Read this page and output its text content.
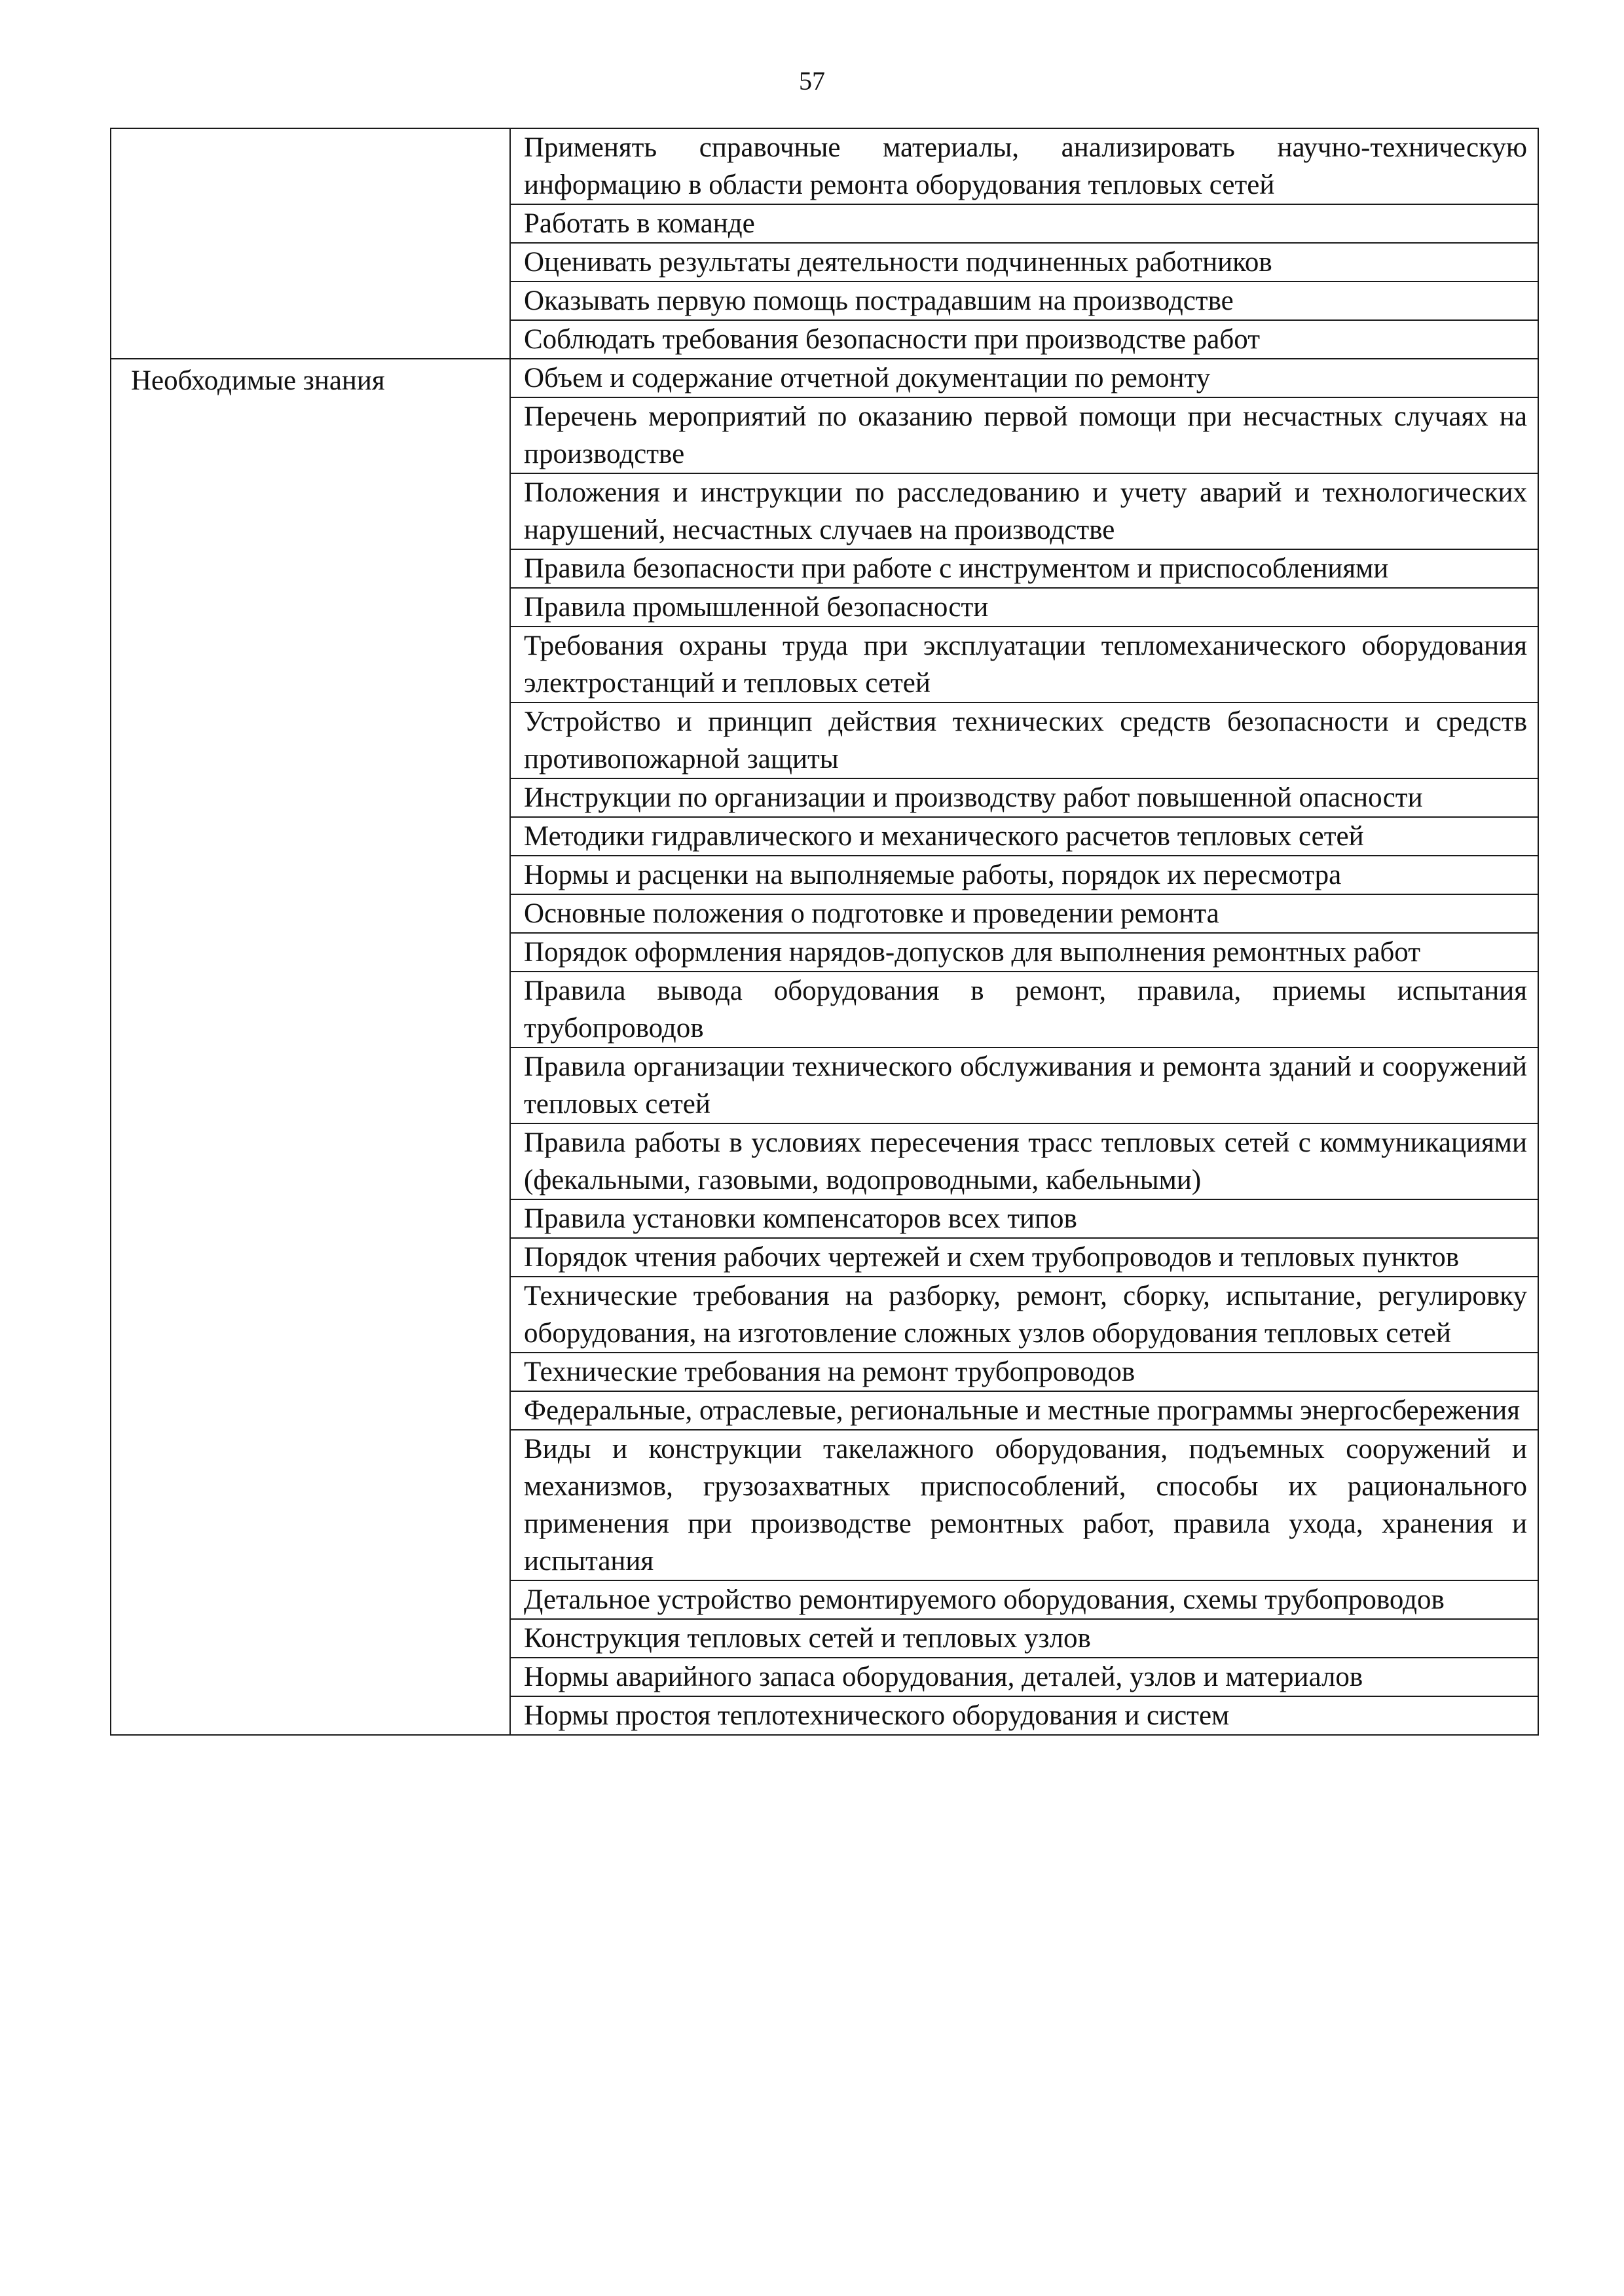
57
	Применять справочные материалы, анализировать научно-техническую информацию в области ремонта оборудования тепловых сетей
	Работать в команде
	Оценивать результаты деятельности подчиненных работников
	Оказывать первую помощь пострадавшим на производстве
	Соблюдать требования безопасности при производстве работ
Необходимые знания	Объем и содержание отчетной документации по ремонту
	Перечень мероприятий по оказанию первой помощи при несчастных случаях на производстве
	Положения и инструкции по расследованию и учету аварий и технологических нарушений, несчастных случаев на производстве
	Правила безопасности при работе с инструментом и приспособлениями
	Правила промышленной безопасности
	Требования охраны труда при эксплуатации тепломеханического оборудования электростанций и тепловых сетей
	Устройство и принцип действия технических средств безопасности и средств противопожарной защиты
	Инструкции по организации и производству работ повышенной опасности
	Методики гидравлического и механического расчетов тепловых сетей
	Нормы и расценки на выполняемые работы, порядок их пересмотра
	Основные положения о подготовке и проведении ремонта
	Порядок оформления нарядов-допусков для выполнения ремонтных работ
	Правила вывода оборудования в ремонт, правила, приемы испытания трубопроводов
	Правила организации технического обслуживания и ремонта зданий и сооружений тепловых сетей
	Правила работы в условиях пересечения трасс тепловых сетей с коммуникациями (фекальными, газовыми, водопроводными, кабельными)
	Правила установки компенсаторов всех типов
	Порядок чтения рабочих чертежей и схем трубопроводов и тепловых пунктов
	Технические требования на разборку, ремонт, сборку, испытание, регулировку оборудования, на изготовление сложных узлов оборудования тепловых сетей
	Технические требования на ремонт трубопроводов
	Федеральные, отраслевые, региональные и местные программы энергосбережения
	Виды и конструкции такелажного оборудования, подъемных сооружений и механизмов, грузозахватных приспособлений, способы их рационального применения при производстве ремонтных работ, правила ухода, хранения и испытания
	Детальное устройство ремонтируемого оборудования, схемы трубопроводов
	Конструкция тепловых сетей и тепловых узлов
	Нормы аварийного запаса оборудования, деталей, узлов и материалов
	Нормы простоя теплотехнического оборудования и систем
